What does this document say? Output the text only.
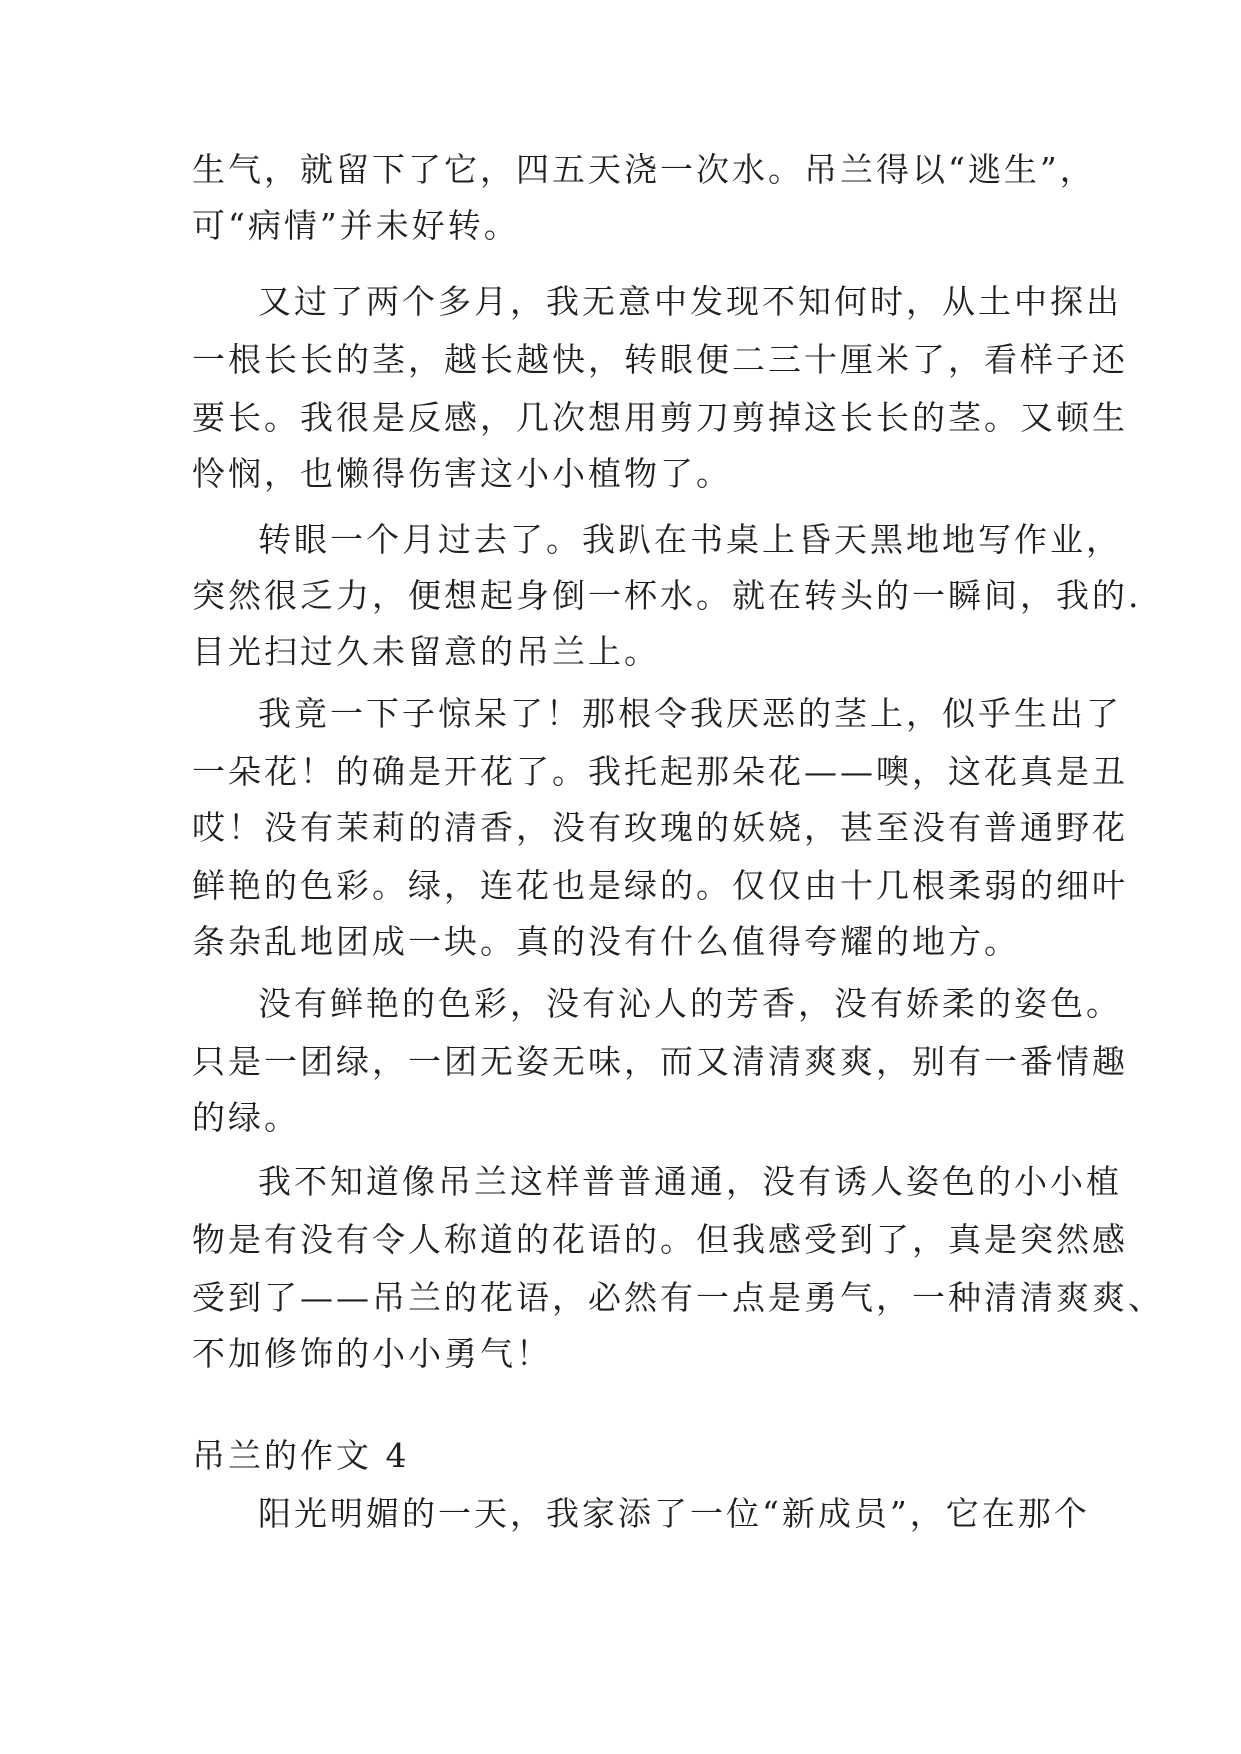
生气，就留下了它，四五天浇一次水。吊兰得以“逃生”，
可“病情”并未好转。
又过了两个多月，我无意中发现不知何时，从土中探出
一根长长的茎，越长越快，转眼便二三十厘米了，看样子还
要长。我很是反感，几次想用剪刀剪掉这长长的茎。又顿生
怜悯，也懒得伤害这小小植物了。
转眼一个月过去了。我趴在书桌上昏天黑地地写作业，
突然很乏力，便想起身倒一杯水。就在转头的一瞬间，我的.
目光扫过久未留意的吊兰上。
我竟一下子惊呆了！那根令我厌恶的茎上，似乎生出了
一朵花！的确是开花了。我托起那朵花——噢，这花真是丑
哎！没有茉莉的清香，没有玫瑰的妖娆，甚至没有普通野花
鲜艳的色彩。绿，连花也是绿的。仅仅由十几根柔弱的细叶
条杂乱地团成一块。真的没有什么值得夸耀的地方。
没有鲜艳的色彩，没有沁人的芳香，没有娇柔的姿色。
只是一团绿，一团无姿无味，而又清清爽爽，别有一番情趣
的绿。
我不知道像吊兰这样普普通通，没有诱人姿色的小小植
物是有没有令人称道的花语的。但我感受到了，真是突然感
受到了——吊兰的花语，必然有一点是勇气，一种清清爽爽、
不加修饰的小小勇气！
吊兰的作文 4
阳光明媚的一天，我家添了一位“新成员”，它在那个
